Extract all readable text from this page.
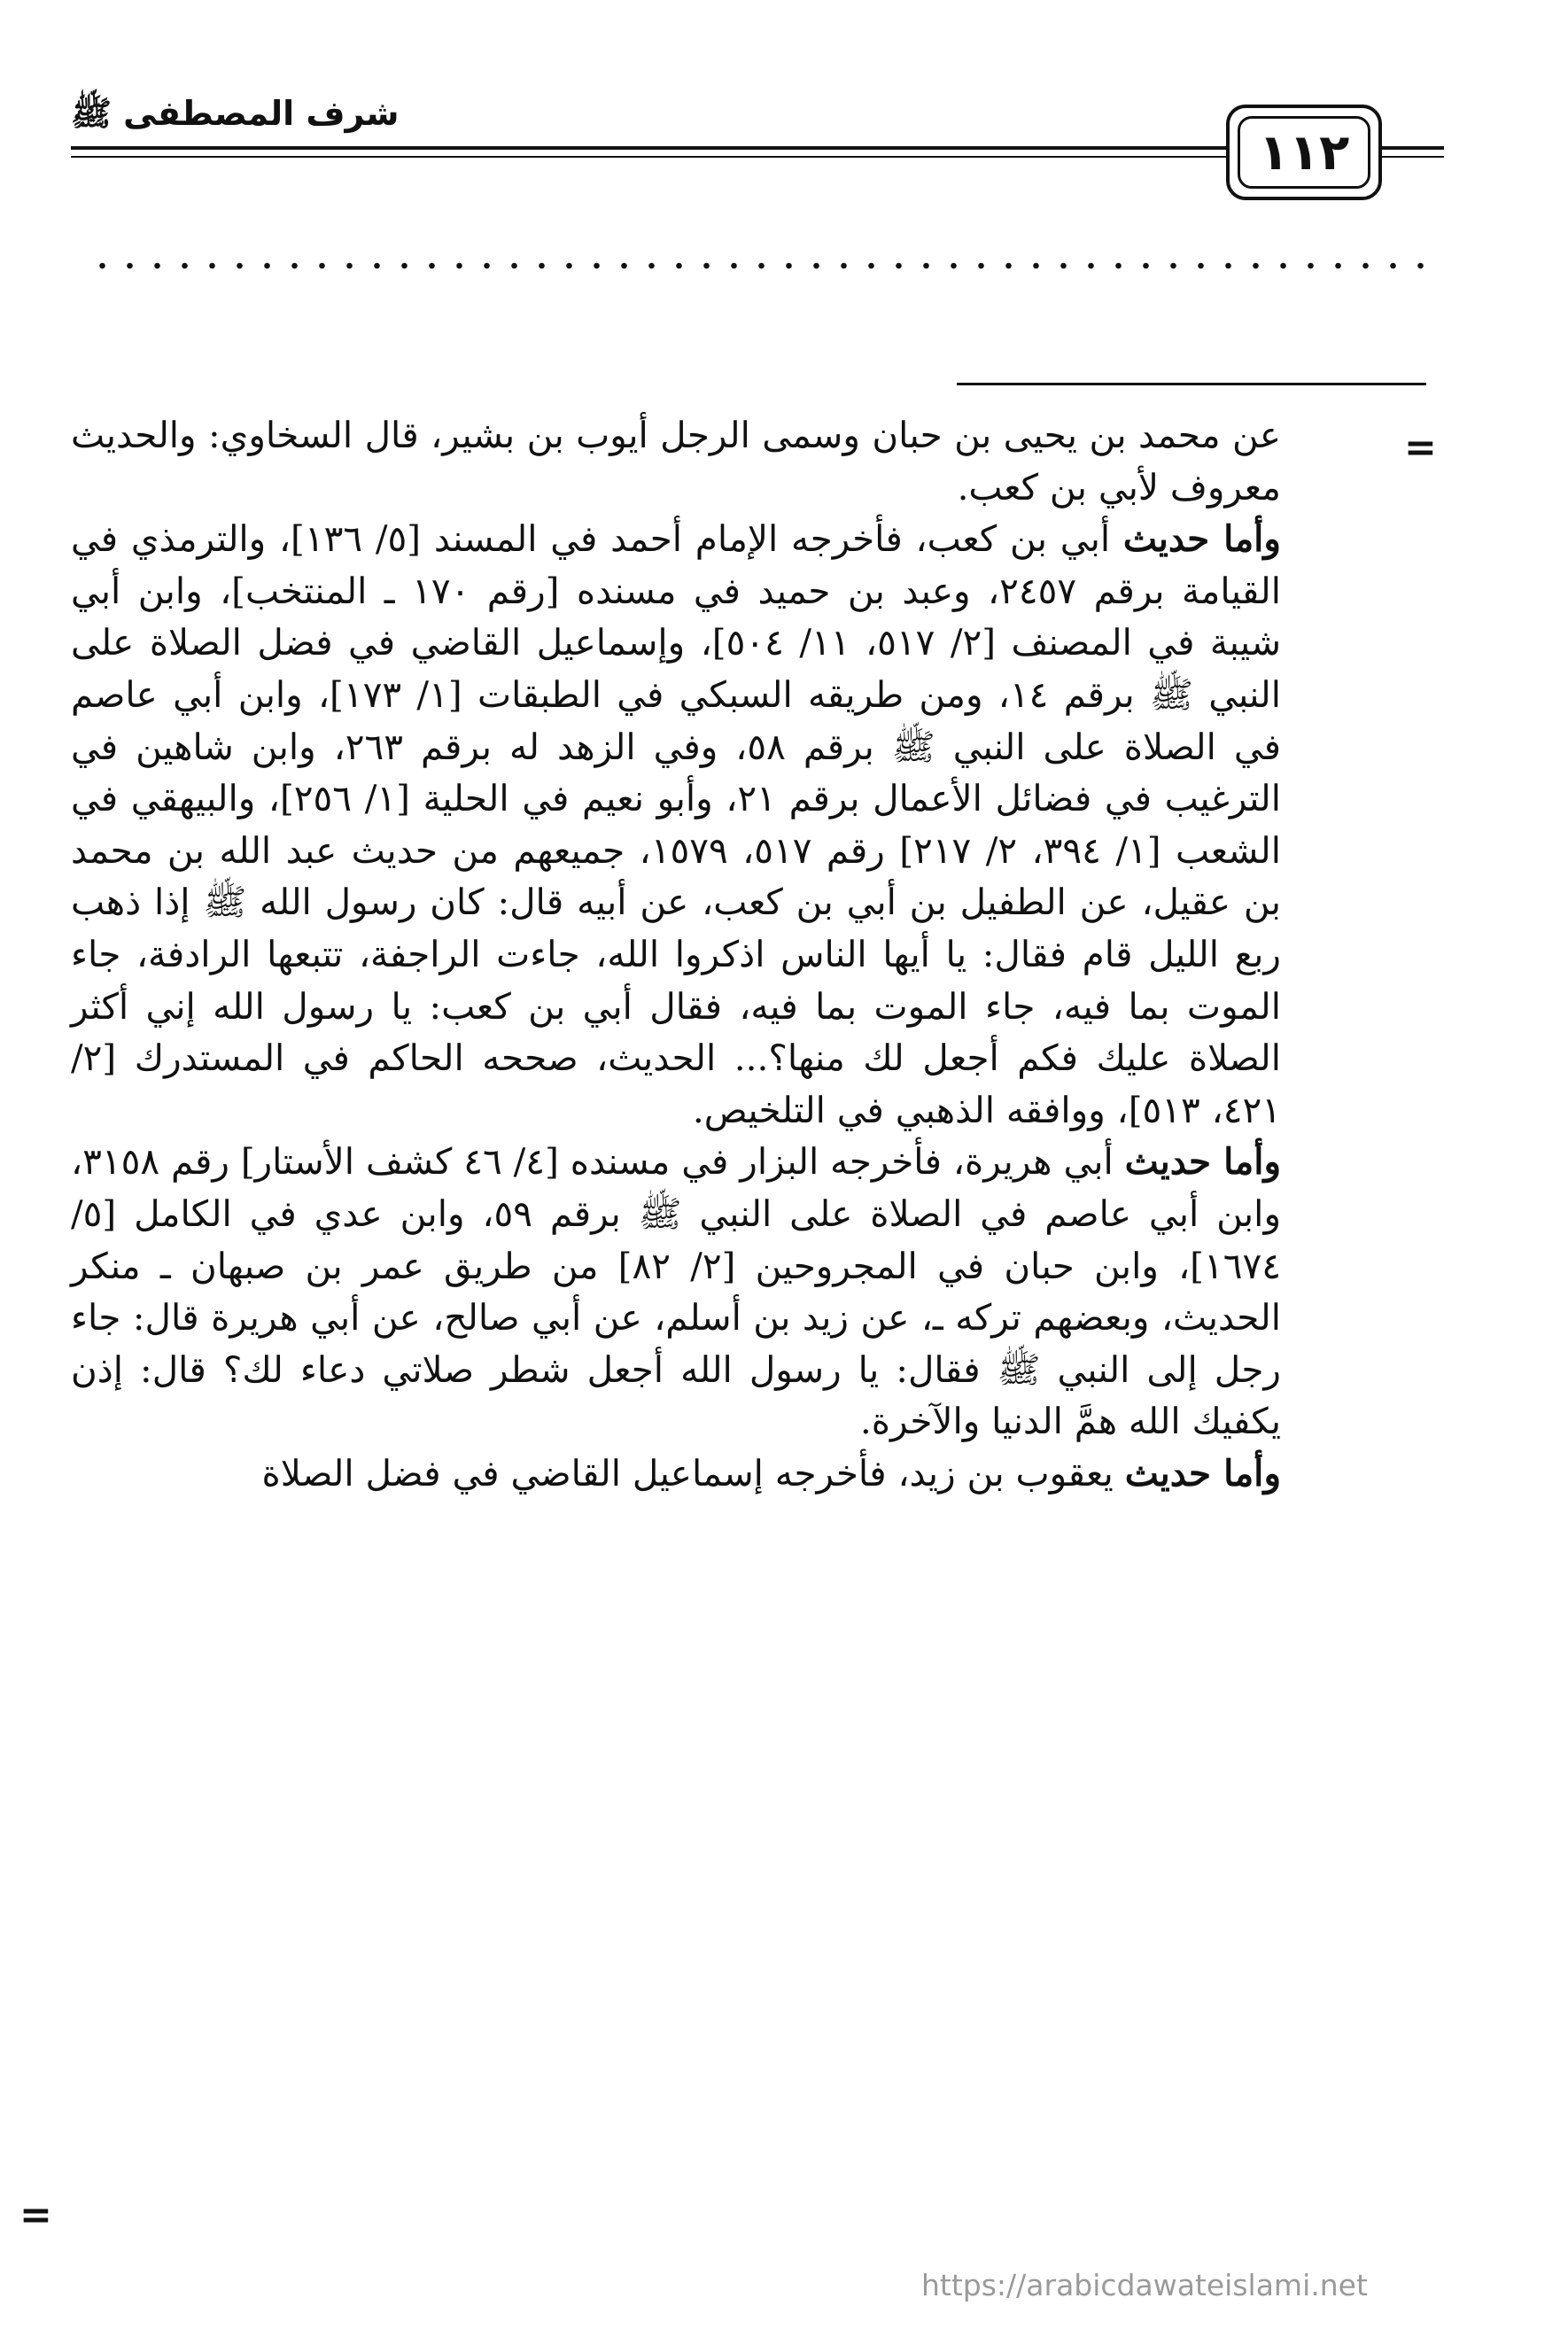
شرف المصطفى ﷺ
١١٢
=

عن محمد بن يحيى بن حبان وسمى الرجل أيوب بن بشير، قال السخاوي: والحديث معروف لأبي بن كعب.

وأما حديث أبي بن كعب، فأخرجه الإمام أحمد في المسند [٥/ ١٣٦]، والترمذي في القيامة برقم ٢٤٥٧، وعبد بن حميد في مسنده [رقم ١٧٠ ـ المنتخب]، وابن أبي شيبة في المصنف [٢/ ٥١٧، ١١/ ٥٠٤]، وإسماعيل القاضي في فضل الصلاة على النبي ﷺ برقم ١٤، ومن طريقه السبكي في الطبقات [١/ ١٧٣]، وابن أبي عاصم في الصلاة على النبي ﷺ برقم ٥٨، وفي الزهد له برقم ٢٦٣، وابن شاهين في الترغيب في فضائل الأعمال برقم ٢١، وأبو نعيم في الحلية [١/ ٢٥٦]، والبيهقي في الشعب [١/ ٣٩٤، ٢/ ٢١٧] رقم ٥١٧، ١٥٧٩، جميعهم من حديث عبد الله بن محمد بن عقيل، عن الطفيل بن أبي بن كعب، عن أبيه قال: كان رسول الله ﷺ إذا ذهب ربع الليل قام فقال: يا أيها الناس اذكروا الله، جاءت الراجفة، تتبعها الرادفة، جاء الموت بما فيه، جاء الموت بما فيه، فقال أبي بن كعب: يا رسول الله إني أكثر الصلاة عليك فكم أجعل لك منها؟... الحديث، صححه الحاكم في المستدرك [٢/ ٤٢١، ٥١٣]، ووافقه الذهبي في التلخيص.

وأما حديث أبي هريرة، فأخرجه البزار في مسنده [٤/ ٤٦ كشف الأستار] رقم ٣١٥٨، وابن أبي عاصم في الصلاة على النبي ﷺ برقم ٥٩، وابن عدي في الكامل [٥/ ١٦٧٤]، وابن حبان في المجروحين [٢/ ٨٢] من طريق عمر بن صبهان ـ منكر الحديث، وبعضهم تركه ـ، عن زيد بن أسلم، عن أبي صالح، عن أبي هريرة قال: جاء رجل إلى النبي ﷺ فقال: يا رسول الله أجعل شطر صلاتي دعاء لك؟ قال: إذن يكفيك الله همَّ الدنيا والآخرة.

وأما حديث يعقوب بن زيد، فأخرجه إسماعيل القاضي في فضل الصلاة

=
https://arabicdawateislami.net
